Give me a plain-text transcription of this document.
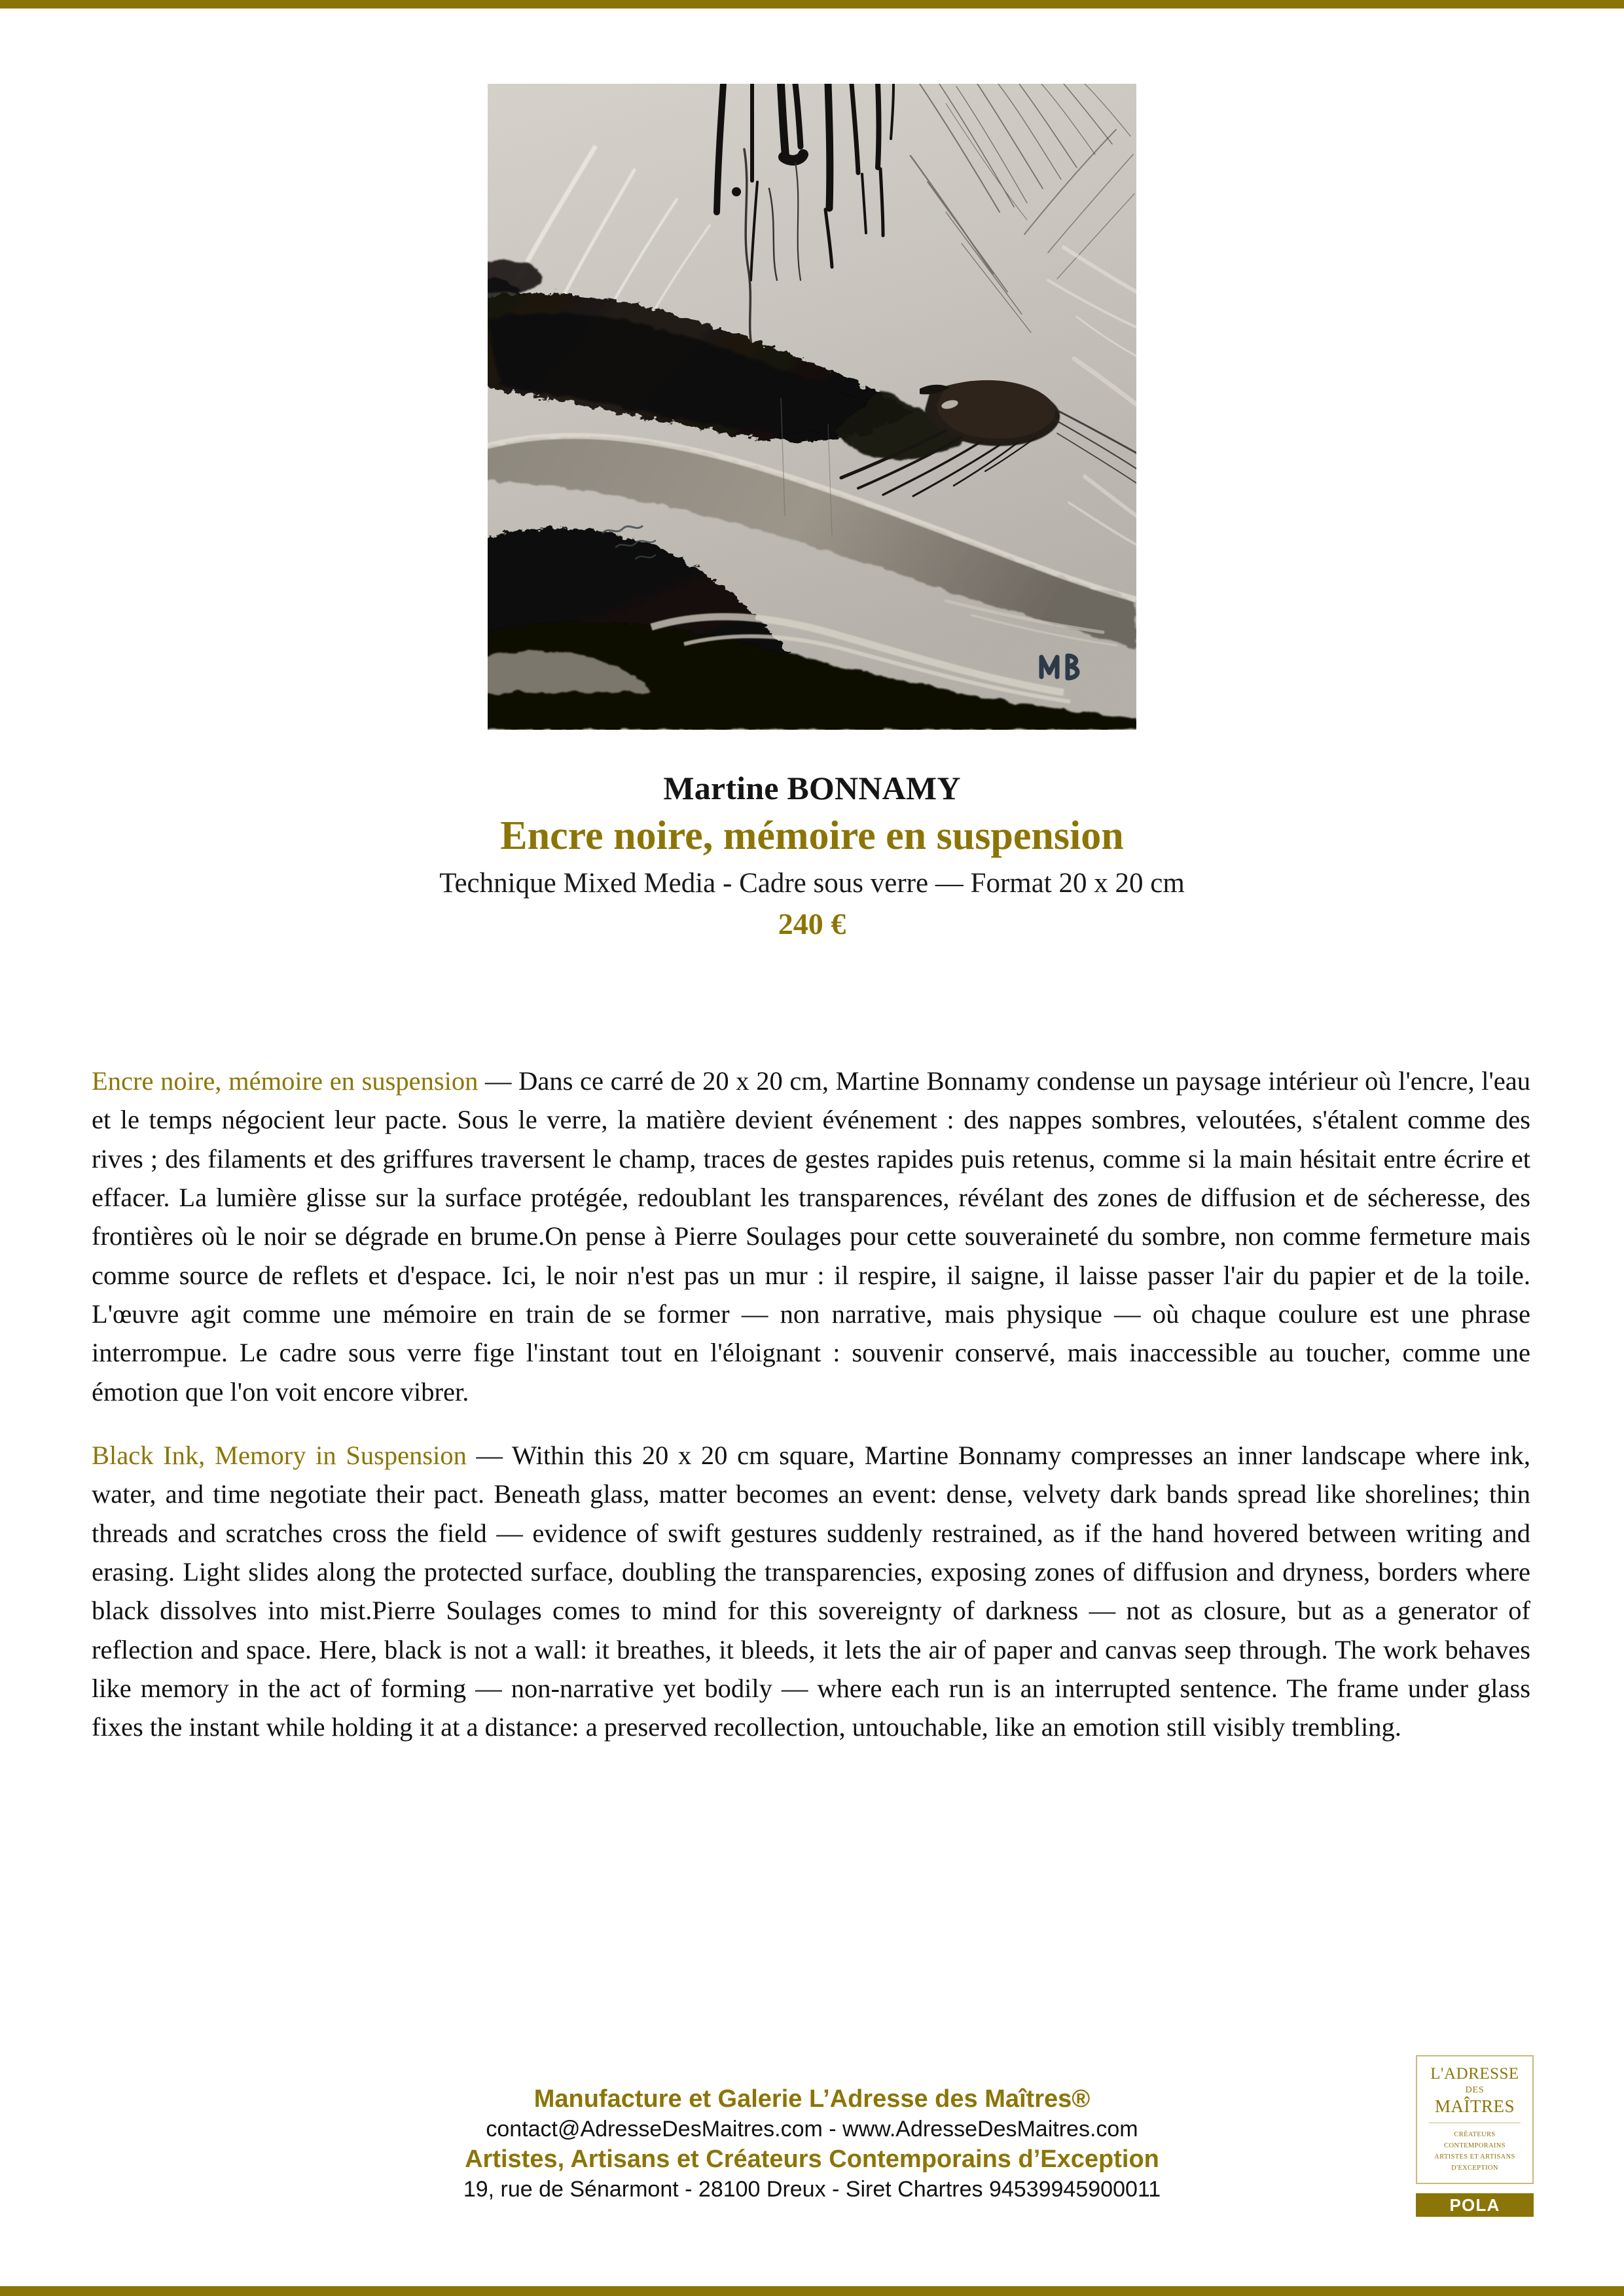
Martine BONNAMY
Encre noire, mémoire en suspension
Technique Mixed Media - Cadre sous verre — Format 20 x 20 cm
240 €

Encre noire, mémoire en suspension — Dans ce carré de 20 x 20 cm, Martine Bonnamy condense un paysage intérieur où l'encre, l'eau et le temps négocient leur pacte. Sous le verre, la matière devient événement : des nappes sombres, veloutées, s'étalent comme des rives ; des filaments et des griffures traversent le champ, traces de gestes rapides puis retenus, comme si la main hésitait entre écrire et effacer. La lumière glisse sur la surface protégée, redoublant les transparences, révélant des zones de diffusion et de sécheresse, des frontières où le noir se dégrade en brume.On pense à Pierre Soulages pour cette souveraineté du sombre, non comme fermeture mais comme source de reflets et d'espace. Ici, le noir n'est pas un mur : il respire, il saigne, il laisse passer l'air du papier et de la toile. L'œuvre agit comme une mémoire en train de se former — non narrative, mais physique — où chaque coulure est une phrase interrompue. Le cadre sous verre fige l'instant tout en l'éloignant : souvenir conservé, mais inaccessible au toucher, comme une émotion que l'on voit encore vibrer.

Black Ink, Memory in Suspension — Within this 20 x 20 cm square, Martine Bonnamy compresses an inner landscape where ink, water, and time negotiate their pact. Beneath glass, matter becomes an event: dense, velvety dark bands spread like shorelines; thin threads and scratches cross the field — evidence of swift gestures suddenly restrained, as if the hand hovered between writing and erasing. Light slides along the protected surface, doubling the transparencies, exposing zones of diffusion and dryness, borders where black dissolves into mist.Pierre Soulages comes to mind for this sovereignty of darkness — not as closure, but as a generator of reflection and space. Here, black is not a wall: it breathes, it bleeds, it lets the air of paper and canvas seep through. The work behaves like memory in the act of forming — non-narrative yet bodily — where each run is an interrupted sentence. The frame under glass fixes the instant while holding it at a distance: a preserved recollection, untouchable, like an emotion still visibly trembling.

Manufacture et Galerie L’Adresse des Maîtres®
contact@AdresseDesMaitres.com - www.AdresseDesMaitres.com
Artistes, Artisans et Créateurs Contemporains d’Exception
19, rue de Sénarmont - 28100 Dreux - Siret Chartres 94539945900011
L'ADRESSE
DES
MAÎTRES
CRÉATEURS CONTEMPORAINS
ARTISTES ET ARTISANS
D'EXCEPTION
POLA
